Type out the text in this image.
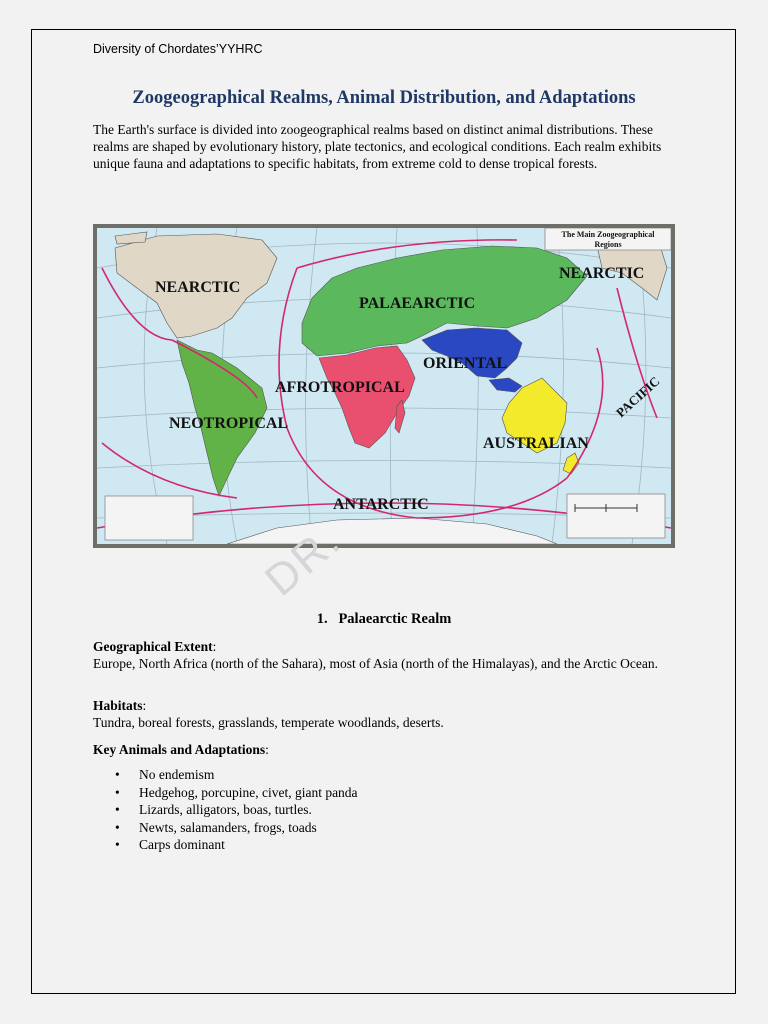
Diversity of Chordates’YYHRC
Zoogeographical Realms, Animal Distribution, and Adaptations

The Earth's surface is divided into zoogeographical realms based on distinct animal distributions. These realms are shaped by evolutionary history, plate tectonics, and ecological conditions. Each realm exhibits unique fauna and adaptations to specific habitats, from extreme cold to dense tropical forests.

The Main Zoogeographical
Regions
NEARCTIC
NEARCTIC
PALAEARCTIC
ORIENTAL
AFROTROPICAL
NEOTROPICAL
AUSTRALIAN
PACIFIC
ANTARCTIC
DR.
1. Palaearctic Realm
Geographical Extent:
Europe, North Africa (north of the Sahara), most of Asia (north of the Himalayas), and the Arctic Ocean.
Habitats:
Tundra, boreal forests, grasslands, temperate woodlands, deserts.
Key Animals and Adaptations:
• No endemism
• Hedgehog, porcupine, civet, giant panda
• Lizards, alligators, boas, turtles.
• Newts, salamanders, frogs, toads
• Carps dominant
